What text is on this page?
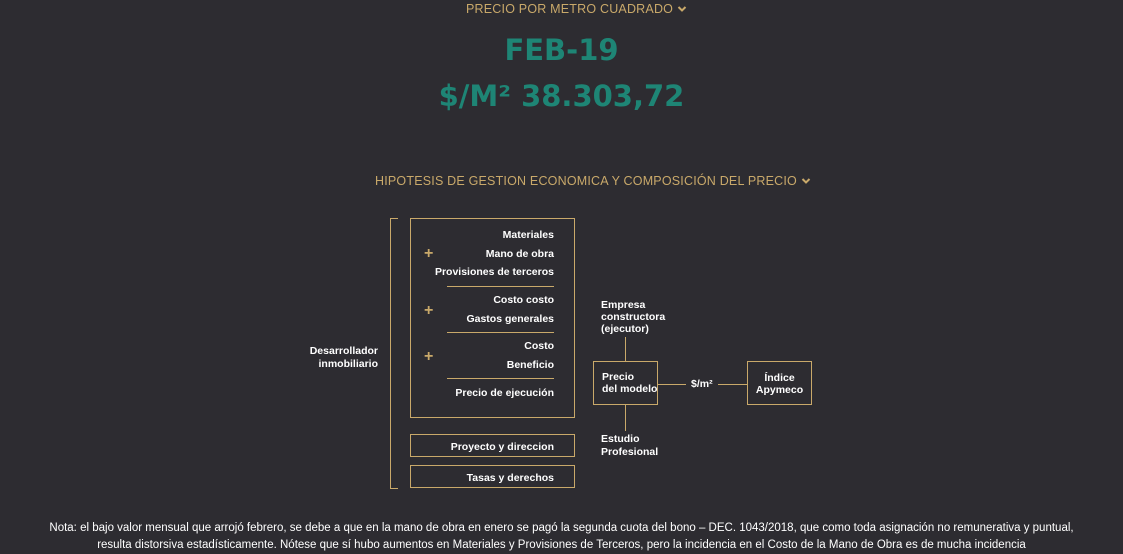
PRECIO POR METRO CUADRADO
FEB-19
$/M² 38.303,72
HIPOTESIS DE GESTION ECONOMICA Y COMPOSICIÓN DEL PRECIO
Desarrollador
inmobiliario
Materiales
Mano de obra
Provisiones de terceros
+
Costo costo
Gastos generales
+
Costo
Beneficio
+
Precio de ejecución
Proyecto y direccion
Tasas y derechos
Empresa
constructora
(ejecutor)
Precio
del modelo	$/m²	Índice
Apymeco
Estudio
Profesional
Nota: el bajo valor mensual que arrojó febrero, se debe a que en la mano de obra en enero se pagó la segunda cuota del bono – DEC. 1043/2018, que como toda asignación no remunerativa y puntual,
resulta distorsiva estadísticamente. Nótese que sí hubo aumentos en Materiales y Provisiones de Terceros, pero la incidencia en el Costo de la Mano de Obra es de mucha incidencia
